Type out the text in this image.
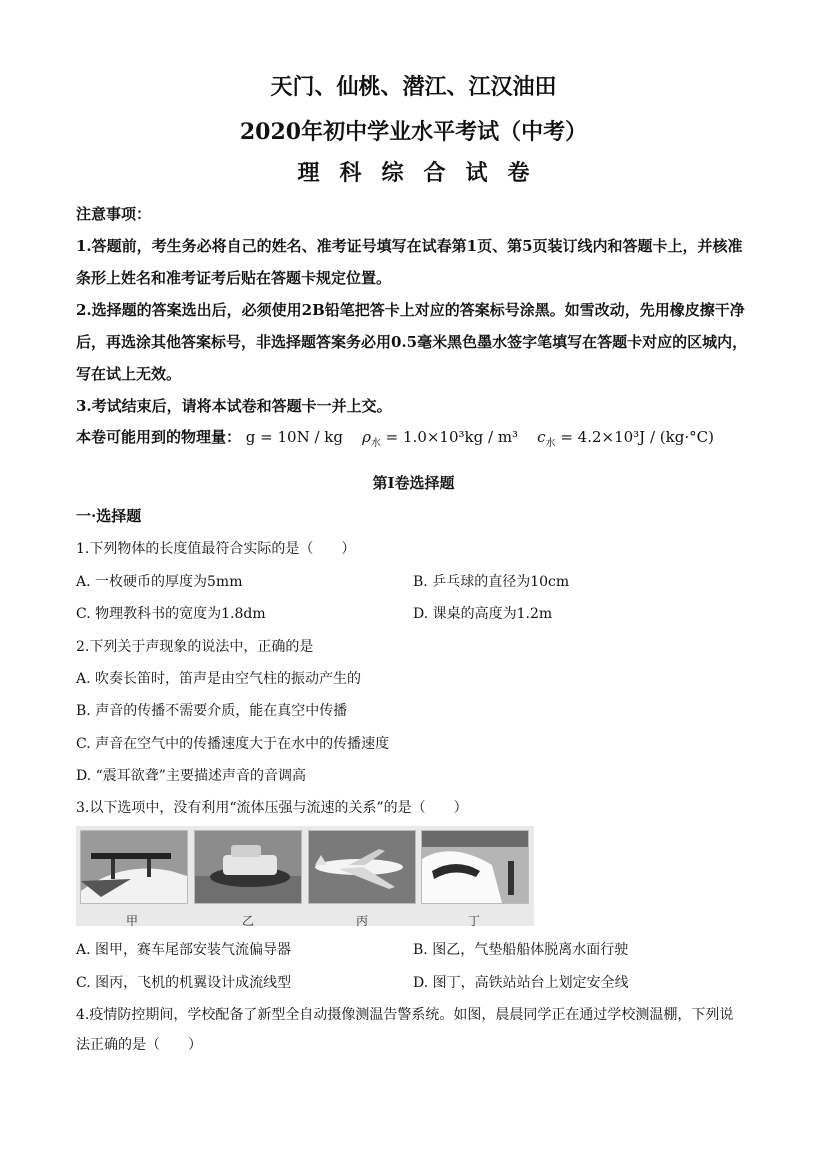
天门、仙桃、潜江、江汉油田
2020年初中学业水平考试（中考）
理科综合试卷

注意事项：

1.答题前，考生务必将自己的姓名、准考证号填写在试春第1页、第5页装订线内和答题卡上，并核准条形上姓名和准考证考后贴在答题卡规定位置。

2.选择题的答案选出后，必须使用2B铅笔把答卡上对应的答案标号涂黑。如雪改动，先用橡皮擦干净后，再选涂其他答案标号，非选择题答案务必用0.5毫米黑色墨水签字笔填写在答题卡对应的区城内，写在试上无效。

3.考试结束后，请将本试卷和答题卡一并上交。

本卷可能用到的物理量： g = 10N / kg $\rho_水 = 1.0\times 10^3kg / m^3$ $c_水 = 4.2\times 10^3J / (kg\cdot^\circ C)$
第I卷选择题
一·选择题
1.下列物体的长度值最符合实际的是（　　）
A. 一枚硬币的厚度为5mm	B. 乒乓球的直径为10cm
C. 物理教科书的宽度为1.8dm	D. 课桌的高度为1.2m
2.下列关于声现象的说法中，正确的是
A. 吹奏长笛时，笛声是由空气柱的振动产生的
B. 声音的传播不需要介质，能在真空中传播
C. 声音在空气中的传播速度大于在水中的传播速度
D. “震耳欲聋”主要描述声音的音调高
3.以下选项中，没有利用“流体压强与流速的关系”的是（　　）
甲	乙	丙	丁
A. 图甲，赛车尾部安装气流偏导器	B. 图乙，气垫船船体脱离水面行驶
C. 图丙，飞机的机翼设计成流线型	D. 图丁，高铁站站台上划定安全线
4.疫情防控期间，学校配备了新型全自动摄像测温告警系统。如图，晨晨同学正在通过学校测温棚，下列说
法正确的是（　　）
